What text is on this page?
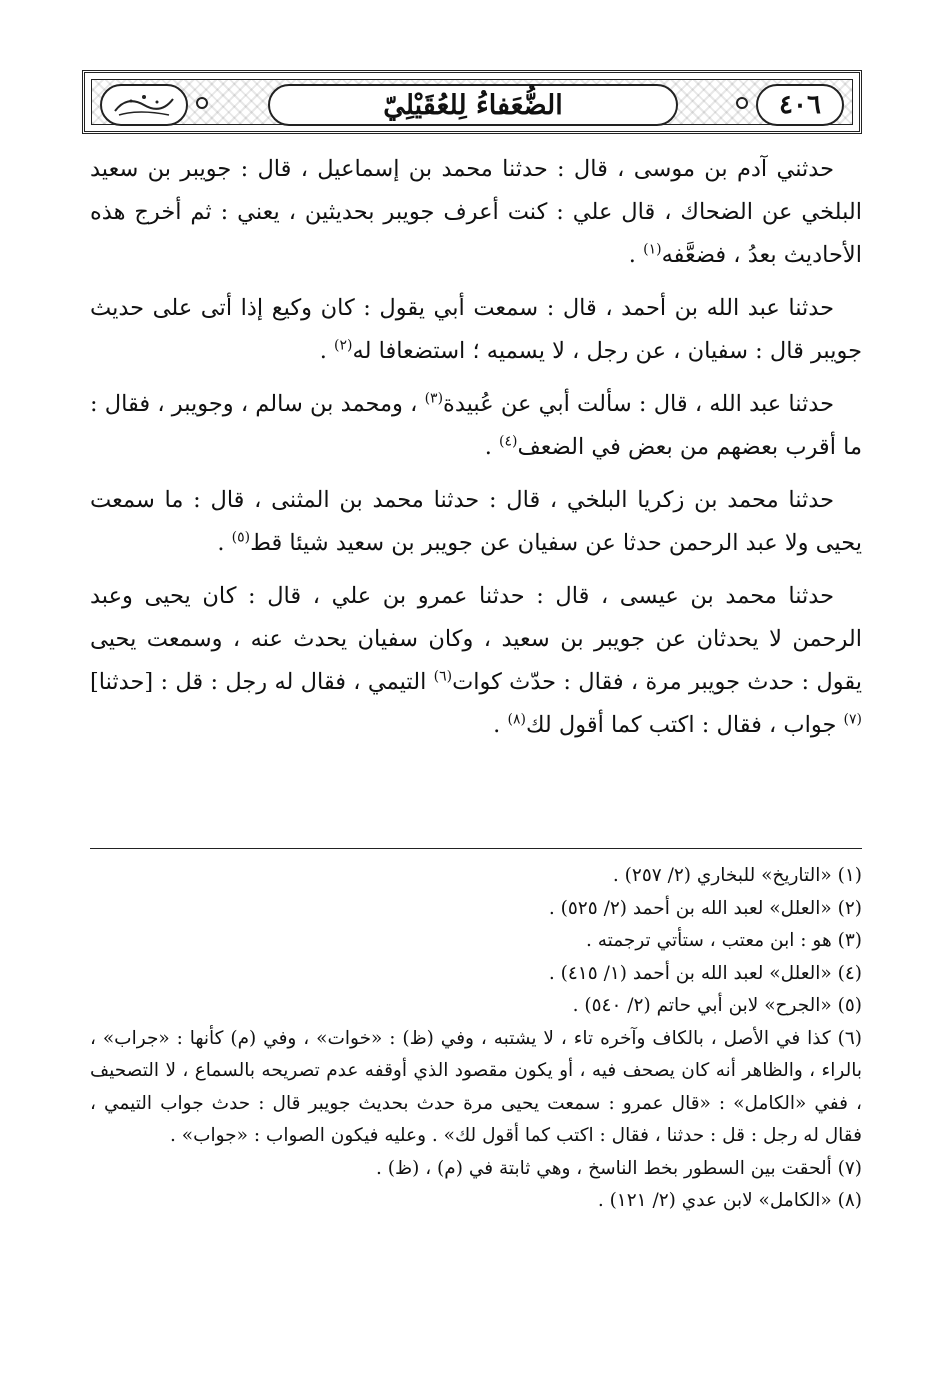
٤٠٦
الضُّعَفاءُ لِلعُقَيْلِيّ

حدثني آدم بن موسى ، قال : حدثنا محمد بن إسماعيل ، قال : جويبر بن سعيد البلخي عن الضحاك ، قال علي : كنت أعرف جويبر بحديثين ، يعني : ثم أخرج هذه الأحاديث بعدُ ، فضعَّفه$^{(١)}$ .

حدثنا عبد الله بن أحمد ، قال : سمعت أبي يقول : كان وكيع إذا أتى على حديث جويبر قال : سفيان ، عن رجل ، لا يسميه ؛ استضعافا له$^{(٢)}$ .

حدثنا عبد الله ، قال : سألت أبي عن عُبيدة$^{(٣)}$ ، ومحمد بن سالم ، وجويبر ، فقال : ما أقرب بعضهم من بعض في الضعف$^{(٤)}$ .

حدثنا محمد بن زكريا البلخي ، قال : حدثنا محمد بن المثنى ، قال : ما سمعت يحيى ولا عبد الرحمن حدثا عن سفيان عن جويبر بن سعيد شيئا قط$^{(٥)}$ .

حدثنا محمد بن عيسى ، قال : حدثنا عمرو بن علي ، قال : كان يحيى وعبد الرحمن لا يحدثان عن جويبر بن سعيد ، وكان سفيان يحدث عنه ، وسمعت يحيى يقول : حدث جويبر مرة ، فقال : حدّث كوات$^{(٦)}$ التيمي ، فقال له رجل : قل : [حدثنا]$^{(٧)}$ جواب ، فقال : اكتب كما أقول لك$^{(٨)}$ .

(١) «التاريخ» للبخاري (٢/ ٢٥٧) .

(٢) «العلل» لعبد الله بن أحمد (٢/ ٥٢٥) .

(٣) هو : ابن معتب ، ستأتي ترجمته .

(٤) «العلل» لعبد الله بن أحمد (١/ ٤١٥) .

(٥) «الجرح» لابن أبي حاتم (٢/ ٥٤٠) .

(٦) كذا في الأصل ، بالكاف وآخره تاء ، لا يشتبه ، وفي (ظ) : «خوات» ، وفي (م) كأنها : «جراب» ، بالراء ، والظاهر أنه كان يصحف فيه ، أو يكون مقصود الذي أوقفه عدم تصريحه بالسماع ، لا التصحيف ، ففي «الكامل» : «قال عمرو : سمعت يحيى مرة حدث بحديث جويبر قال : حدث جواب التيمي ، فقال له رجل : قل : حدثنا ، فقال : اكتب كما أقول لك» . وعليه فيكون الصواب : «جواب» .

(٧) ألحقت بين السطور بخط الناسخ ، وهي ثابتة في (م) ، (ظ) .

(٨) «الكامل» لابن عدي (٢/ ١٢١) .
